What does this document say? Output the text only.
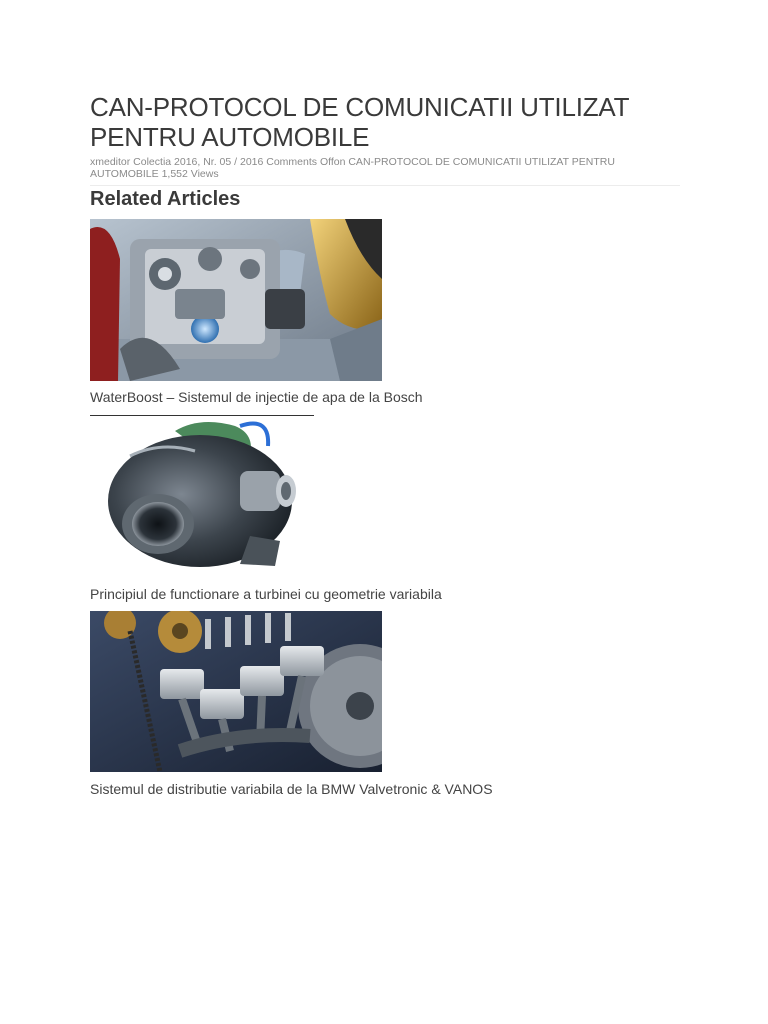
CAN-PROTOCOL DE COMUNICATII UTILIZAT PENTRU AUTOMOBILE
xmeditor Colectia 2016, Nr. 05 / 2016 Comments Offon CAN-PROTOCOL DE COMUNICATII UTILIZAT PENTRU AUTOMOBILE 1,552 Views
Related Articles
WaterBoost – Sistemul de injectie de apa de la Bosch
Principiul de functionare a turbinei cu geometrie variabila
Sistemul de distributie variabila de la BMW Valvetronic & VANOS
